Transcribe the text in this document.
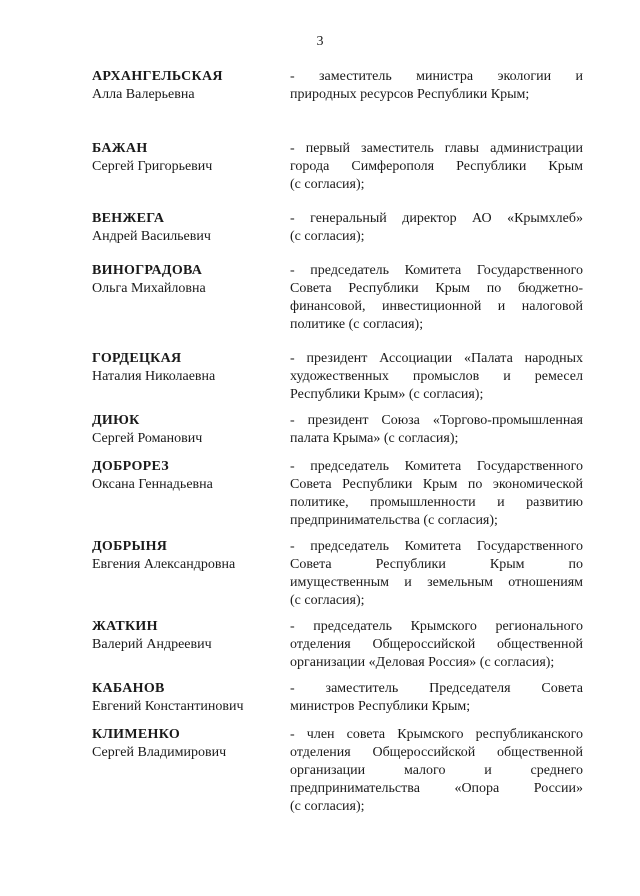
3
АРХАНГЕЛЬСКАЯ
Алла Валерьевна
- заместитель министра экологии и
природных ресурсов Республики Крым;
БАЖАН
Сергей Григорьевич
- первый заместитель главы администрации
города Симферополя Республики Крым
(с согласия);
ВЕНЖЕГА
Андрей Васильевич
- генеральный директор АО «Крымхлеб»
(с согласия);
ВИНОГРАДОВА
Ольга Михайловна
- председатель Комитета Государственного
Совета Республики Крым по бюджетно-
финансовой, инвестиционной и налоговой
политике (с согласия);
ГОРДЕЦКАЯ
Наталия Николаевна
- президент Ассоциации «Палата народных
художественных промыслов и ремесел
Республики Крым» (с согласия);
ДИЮК
Сергей Романович
- президент Союза «Торгово-промышленная
палата Крыма» (с согласия);
ДОБРОРЕЗ
Оксана Геннадьевна
- председатель Комитета Государственного
Совета Республики Крым по экономической
политике, промышленности и развитию
предпринимательства (с согласия);
ДОБРЫНЯ
Евгения Александровна
- председатель Комитета Государственного
Совета Республики Крым по
имущественным и земельным отношениям
(с согласия);
ЖАТКИН
Валерий Андреевич
- председатель Крымского регионального
отделения Общероссийской общественной
организации «Деловая Россия» (с согласия);
КАБАНОВ
Евгений Константинович
- заместитель Председателя Совета
министров Республики Крым;
КЛИМЕНКО
Сергей Владимирович
- член совета Крымского республиканского
отделения Общероссийской общественной
организации малого и среднего
предпринимательства «Опора России»
(с согласия);
